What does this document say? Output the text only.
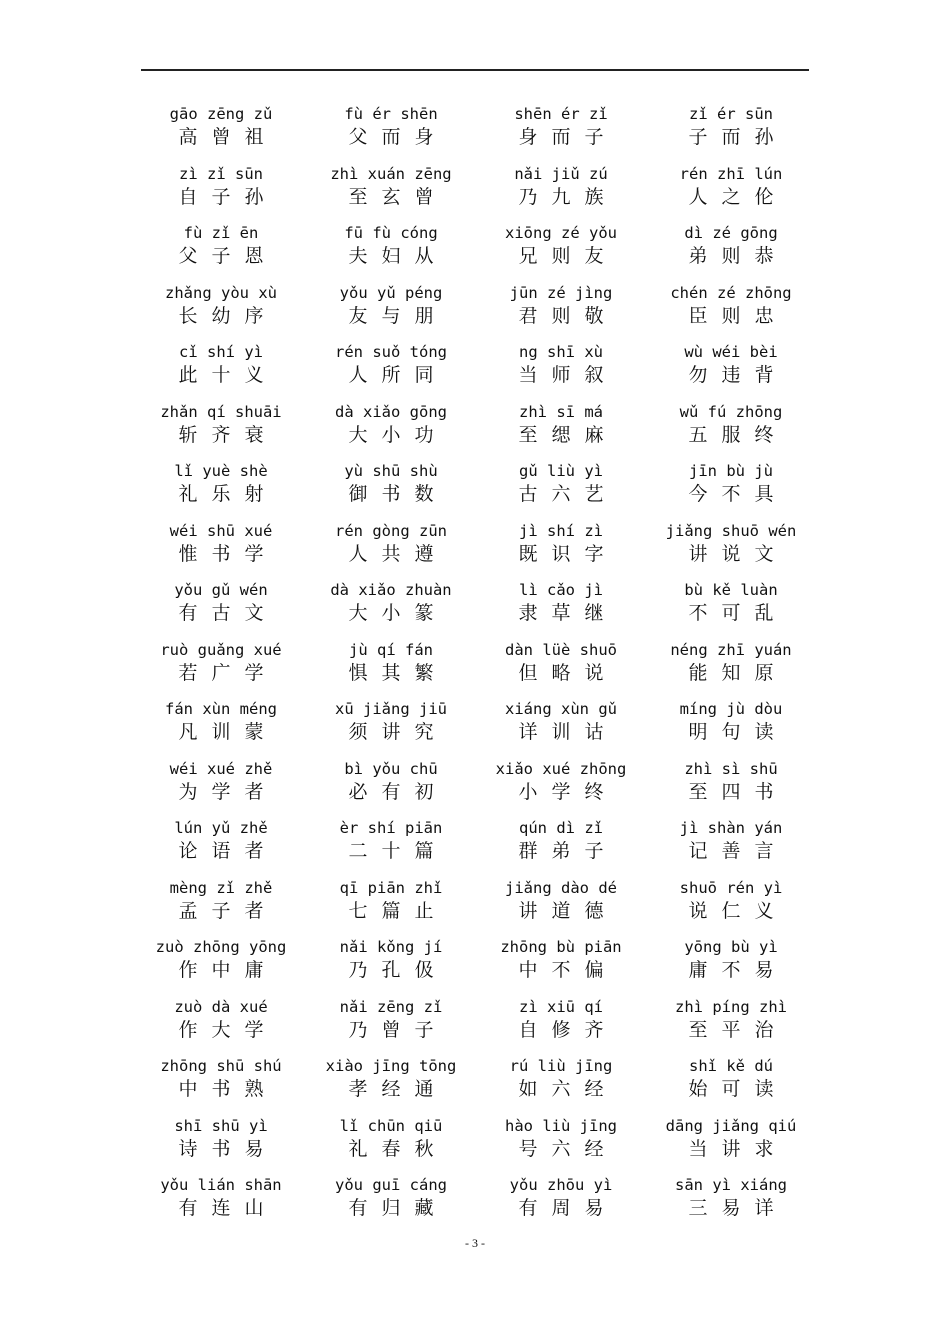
gāo zēng zǔ
高曾祖
fù ér shēn
父而身
shēn ér zǐ
身而子
zǐ ér sūn
子而孙
zì zǐ sūn
自子孙
zhì xuán zēng
至玄曾
nǎi jiǔ zú
乃九族
rén zhī lún
人之伦
fù zǐ ēn
父子恩
fū fù cóng
夫妇从
xiōng zé yǒu
兄则友
dì zé gōng
弟则恭
zhǎng yòu xù
长幼序
yǒu yǔ péng
友与朋
jūn zé jìng
君则敬
chén zé zhōng
臣则忠
cǐ shí yì
此十义
rén suǒ tóng
人所同
ng shī xù
当师叙
wù wéi bèi
勿违背
zhǎn qí shuāi
斩齐衰
dà xiǎo gōng
大小功
zhì sī má
至缌麻
wǔ fú zhōng
五服终
lǐ yuè shè
礼乐射
yù shū shù
御书数
gǔ liù yì
古六艺
jīn bù jù
今不具
wéi shū xué
惟书学
rén gòng zūn
人共遵
jì shí zì
既识字
jiǎng shuō wén
讲说文
yǒu gǔ wén
有古文
dà xiǎo zhuàn
大小篆
lì cǎo jì
隶草继
bù kě luàn
不可乱
ruò guǎng xué
若广学
jù qí fán
惧其繁
dàn lüè shuō
但略说
néng zhī yuán
能知原
fán xùn méng
凡训蒙
xū jiǎng jiū
须讲究
xiáng xùn gǔ
详训诂
míng jù dòu
明句读
wéi xué zhě
为学者
bì yǒu chū
必有初
xiǎo xué zhōng
小学终
zhì sì shū
至四书
lún yǔ zhě
论语者
èr shí piān
二十篇
qún dì zǐ
群弟子
jì shàn yán
记善言
mèng zǐ zhě
孟子者
qī piān zhǐ
七篇止
jiǎng dào dé
讲道德
shuō rén yì
说仁义
zuò zhōng yōng
作中庸
nǎi kǒng jí
乃孔伋
zhōng bù piān
中不偏
yōng bù yì
庸不易
zuò dà xué
作大学
nǎi zēng zǐ
乃曾子
zì xiū qí
自修齐
zhì píng zhì
至平治
zhōng shū shú
中书熟
xiào jīng tōng
孝经通
rú liù jīng
如六经
shǐ kě dú
始可读
shī shū yì
诗书易
lǐ chūn qiū
礼春秋
hào liù jīng
号六经
dāng jiǎng qiú
当讲求
yǒu lián shān
有连山
yǒu guī cáng
有归藏
yǒu zhōu yì
有周易
sān yì xiáng
三易详
- 3 -
